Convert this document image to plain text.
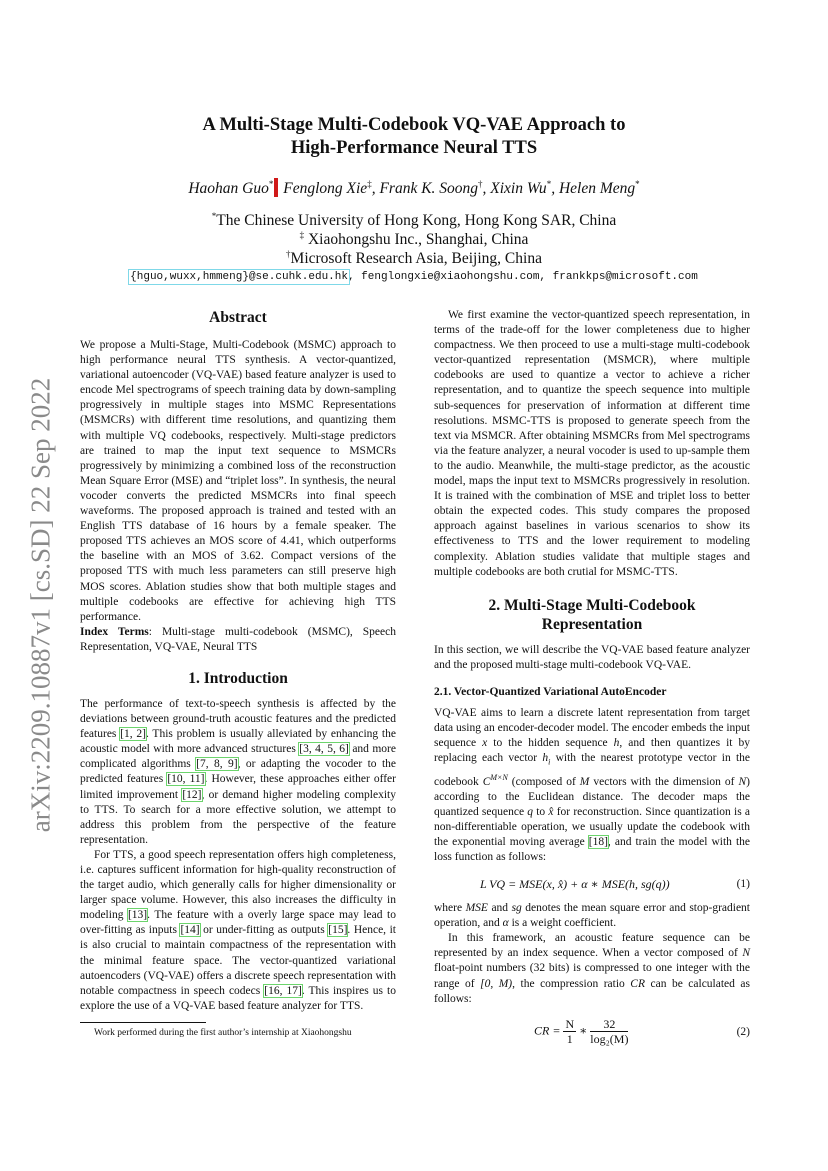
arXiv:2209.10887v1 [cs.SD] 22 Sep 2022
A Multi-Stage Multi-Codebook VQ-VAE Approach to
High-Performance Neural TTS
Haohan Guo* Fenglong Xie‡, Frank K. Soong†, Xixin Wu*, Helen Meng*
*The Chinese University of Hong Kong, Hong Kong SAR, China
‡ Xiaohongshu Inc., Shanghai, China
†Microsoft Research Asia, Beijing, China
{hguo,wuxx,hmmeng}@se.cuhk.edu.hk, fenglongxie@xiaohongshu.com, frankkps@microsoft.com
Abstract

We propose a Multi-Stage, Multi-Codebook (MSMC) approach to high performance neural TTS synthesis. A vector-quantized, variational autoencoder (VQ-VAE) based feature analyzer is used to encode Mel spectrograms of speech training data by down-sampling progressively in multiple stages into MSMC Representations (MSMCRs) with different time resolutions, and quantizing them with multiple VQ codebooks, respectively. Multi-stage predictors are trained to map the input text sequence to MSMCRs progressively by minimizing a combined loss of the reconstruction Mean Square Error (MSE) and “triplet loss”. In synthesis, the neural vocoder converts the predicted MSMCRs into final speech waveforms. The proposed approach is trained and tested with an English TTS database of 16 hours by a female speaker. The proposed TTS achieves an MOS score of 4.41, which outperforms the baseline with an MOS of 3.62. Compact versions of the proposed TTS with much less parameters can still preserve high MOS scores. Ablation studies show that both multiple stages and multiple codebooks are effective for achieving high TTS performance.

Index Terms: Multi-stage multi-codebook (MSMC), Speech Representation, VQ-VAE, Neural TTS

1. Introduction

The performance of text-to-speech synthesis is affected by the deviations between ground-truth acoustic features and the predicted features [1, 2]. This problem is usually alleviated by enhancing the acoustic model with more advanced structures [3, 4, 5, 6] and more complicated algorithms [7, 8, 9], or adapting the vocoder to the predicted features [10, 11]. However, these approaches either offer limited improvement [12], or demand higher modeling complexity to TTS. To search for a more effective solution, we attempt to address this problem from the perspective of the feature representation.

For TTS, a good speech representation offers high completeness, i.e. captures sufficent information for high-quality reconstruction of the target audio, which generally calls for higher dimensionality or larger space volume. However, this also increases the difficulty in modeling [13]. The feature with a overly large space may lead to over-fitting as inputs [14] or under-fitting as outputs [15]. Hence, it is also crucial to maintain compactness of the representation with the minimal feature space. The vector-quantized variational autoencoders (VQ-VAE) offers a discrete speech representation with notable compactness in speech codecs [16, 17]. This inspires us to explore the use of a VQ-VAE based feature analyzer for TTS.

Work performed during the first author’s internship at Xiaohongshu

We first examine the vector-quantized speech representation, in terms of the trade-off for the lower completeness due to higher compactness. We then proceed to use a multi-stage multi-codebook vector-quantized representation (MSMCR), where multiple codebooks are used to quantize a vector to achieve a richer representation, and to quantize the speech sequence into multiple sub-sequences for preservation of information at different time resolutions. MSMC-TTS is proposed to generate speech from the text via MSMCR. After obtaining MSMCRs from Mel spectrograms via the feature analyzer, a neural vocoder is used to up-sample them to the audio. Meanwhile, the multi-stage predictor, as the acoustic model, maps the input text to MSMCRs progressively in resolution. It is trained with the combination of MSE and triplet loss to better obtain the expected codes. This study compares the proposed approach against baselines in various scenarios to show its effectiveness to TTS and the lower requirement to modeling complexity. Ablation studies validate that multiple stages and multiple codebooks are both crutial for MSMC-TTS.

2. Multi-Stage Multi-Codebook
Representation

In this section, we will describe the VQ-VAE based feature analyzer and the proposed multi-stage multi-codebook VQ-VAE.

2.1. Vector-Quantized Variational AutoEncoder

VQ-VAE aims to learn a discrete latent representation from target data using an encoder-decoder model. The encoder embeds the input sequence x to the hidden sequence h, and then quantizes it by replacing each vector $h_i$ with the nearest prototype vector in the codebook $C^{M\times N}$ (composed of M vectors with the dimension of N) according to the Euclidean distance. The decoder maps the quantized sequence q to x̂ for reconstruction. Since quantization is a non-differentiable operation, we usually update the codebook with the exponential moving average [18], and train the model with the loss function as follows:

L VQ = MSE(x, x̂) + α ∗ MSE(h, sg(q))	(1)

where MSE and sg denotes the mean square error and stop-gradient operation, and α is a weight coefficient.

In this framework, an acoustic feature sequence can be represented by an index sequence. When a vector composed of N float-point numbers (32 bits) is compressed to one integer with the range of [0, M), the compression ratio CR can be calculated as follows:

CR = $\frac{N}{1}$ ∗ $\frac{32}{\text{log₂(M)}}$	(2)
